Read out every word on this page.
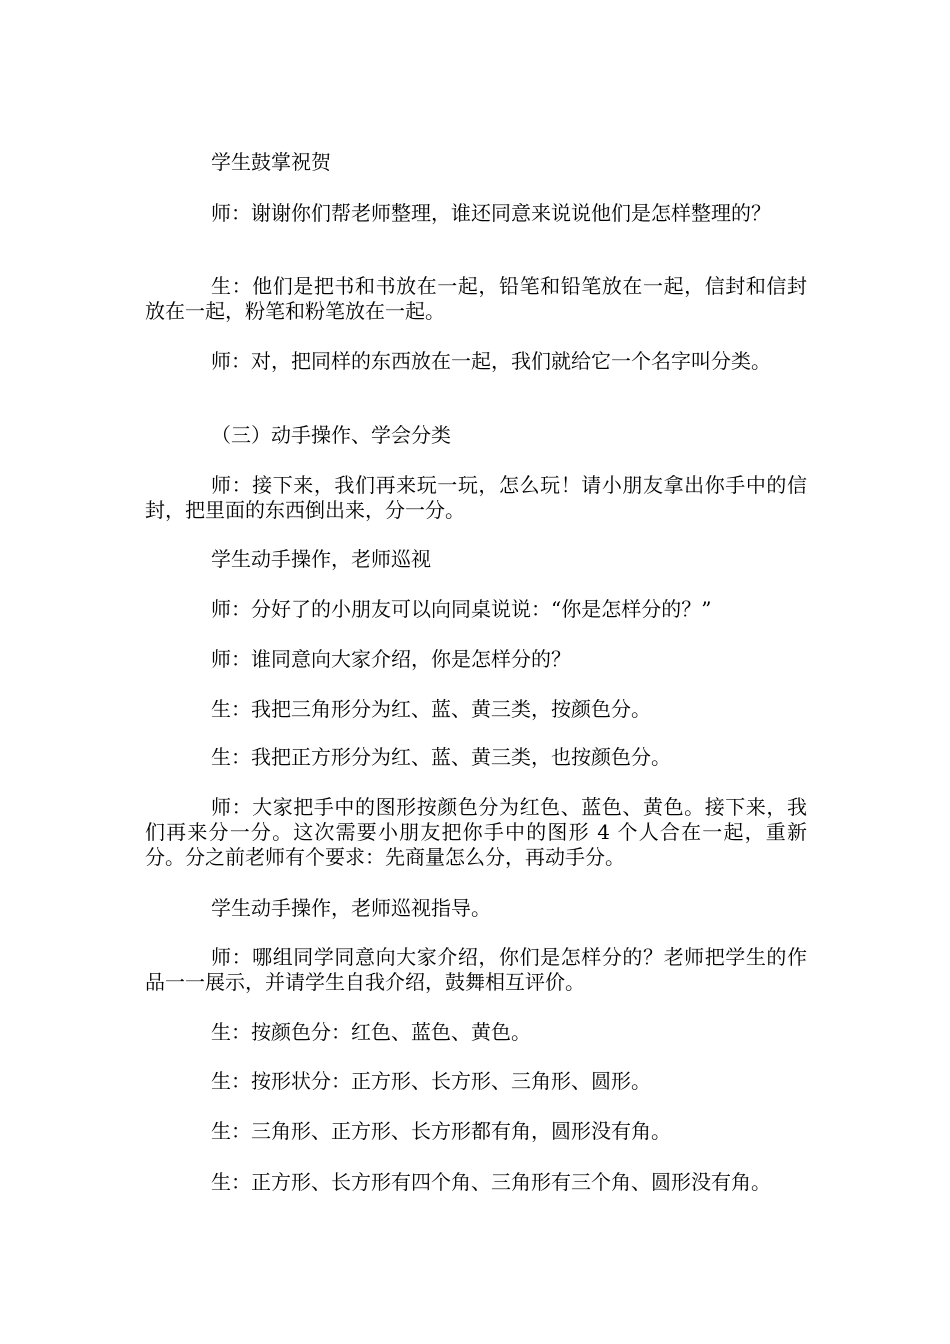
学生鼓掌祝贺

师：谢谢你们帮老师整理，谁还同意来说说他们是怎样整理的？

生：他们是把书和书放在一起，铅笔和铅笔放在一起，信封和信封放在一起，粉笔和粉笔放在一起。

师：对，把同样的东西放在一起，我们就给它一个名字叫分类。

（三）动手操作、学会分类

师：接下来，我们再来玩一玩，怎么玩！请小朋友拿出你手中的信封，把里面的东西倒出来，分一分。

学生动手操作，老师巡视

师：分好了的小朋友可以向同桌说说：“你是怎样分的？”

师：谁同意向大家介绍，你是怎样分的？

生：我把三角形分为红、蓝、黄三类，按颜色分。

生：我把正方形分为红、蓝、黄三类，也按颜色分。

师：大家把手中的图形按颜色分为红色、蓝色、黄色。接下来，我们再来分一分。这次需要小朋友把你手中的图形 4 个人合在一起，重新分。分之前老师有个要求：先商量怎么分，再动手分。

学生动手操作，老师巡视指导。

师：哪组同学同意向大家介绍，你们是怎样分的？老师把学生的作品一一展示，并请学生自我介绍，鼓舞相互评价。

生：按颜色分：红色、蓝色、黄色。

生：按形状分：正方形、长方形、三角形、圆形。

生：三角形、正方形、长方形都有角，圆形没有角。

生：正方形、长方形有四个角、三角形有三个角、圆形没有角。
